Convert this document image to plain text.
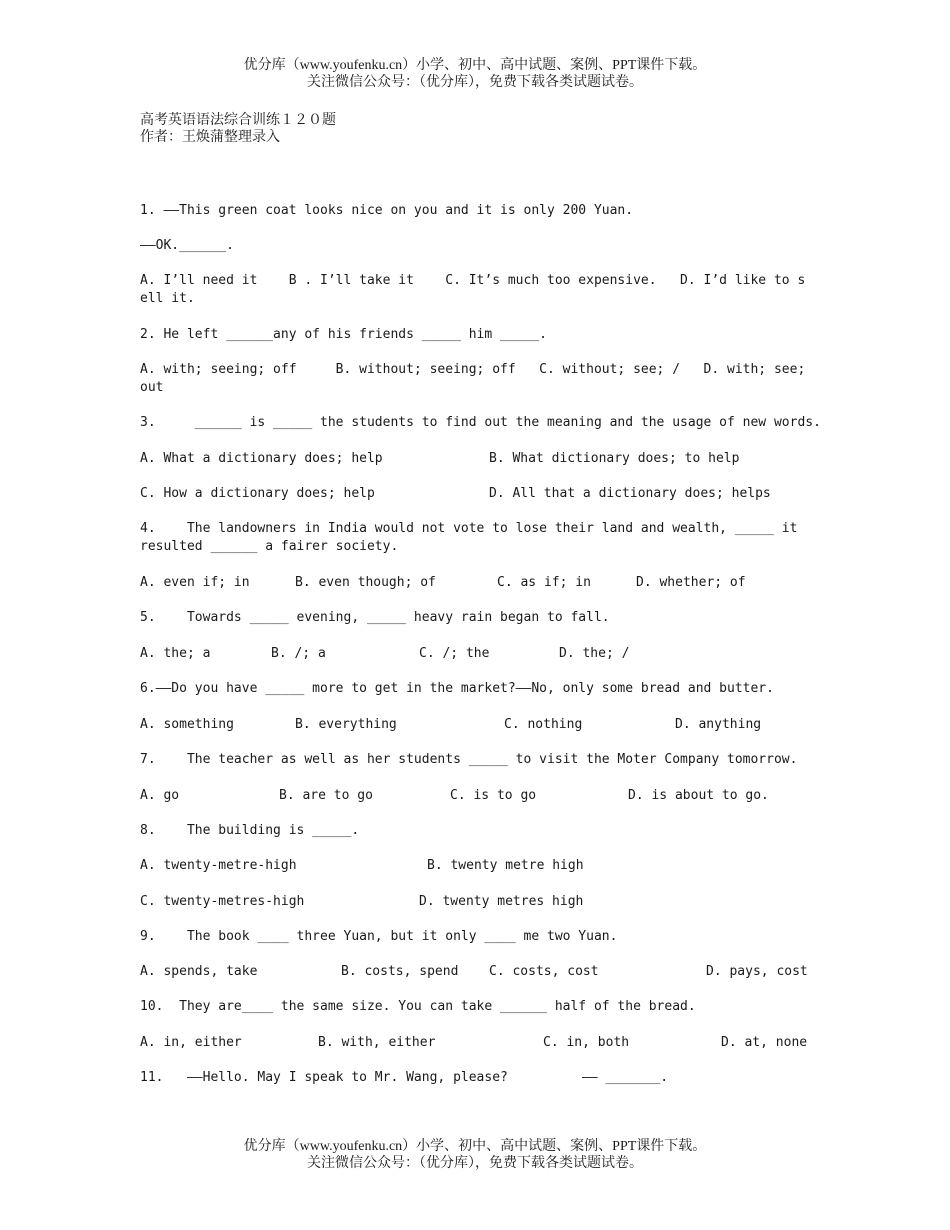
优分库（www.youfenku.cn）小学、初中、高中试题、案例、PPT课件下载。
关注微信公众号：（优分库），免费下载各类试题试卷。
高考英语语法综合训练１２０题
作者：王焕蒲整理录入
1. ——This green coat looks nice on you and it is only 200 Yuan.
——OK.______.
A. I’ll need it    B . I’ll take it    C. It’s much too expensive.   D. I’d like to sell it.
2. He left ______any of his friends _____ him _____.
A. with; seeing; off     B. without; seeing; off   C. without; see; /   D. with; see; out
3.     ______ is _____ the students to find out the meaning and the usage of new words.
A. What a dictionary does; help	B. What dictionary does; to help
C. How a dictionary does; help	D. All that a dictionary does; helps
4.    The landowners in India would not vote to lose their land and wealth, _____ it resulted ______ a fairer society.
A. even if; in	B. even though; of	C. as if; in	D. whether; of
5.    Towards _____ evening, _____ heavy rain began to fall.
A. the; a	B. /; a	C. /; the	D. the; /
6.——Do you have _____ more to get in the market?——No, only some bread and butter.
A. something	B. everything	C. nothing	D. anything
7.    The teacher as well as her students _____ to visit the Moter Company tomorrow.
A. go	B. are to go	C. is to go	D. is about to go.
8.    The building is _____.
A. twenty-metre-high	B. twenty metre high
C. twenty-metres-high	D. twenty metres high
9.    The book ____ three Yuan, but it only ____ me two Yuan.
A. spends, take	B. costs, spend C. costs, cost	D. pays, cost
10.  They are____ the same size. You can take ______ half of the bread.
A. in, either	B. with, either	C. in, both	D. at, none
11.   ——Hello. May I speak to Mr. Wang, please?	—— _______.
优分库（www.youfenku.cn）小学、初中、高中试题、案例、PPT课件下载。
关注微信公众号：（优分库），免费下载各类试题试卷。
